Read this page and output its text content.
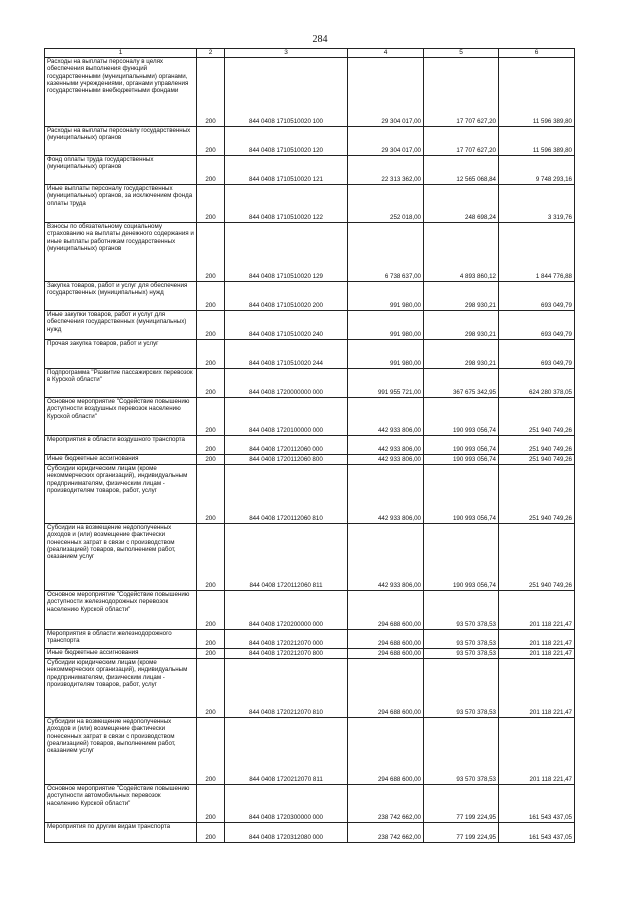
284
1	2	3	4	5	6
Расходы на выплаты персоналу в целях обеспечения выполнения функций государственными (муниципальными) органами, казенными учреждениями, органами управления государственными внебюджетными фондами	200	844 0408 1710510020 100	29 304 017,00	17 707 627,20	11 596 389,80
Расходы на выплаты персоналу государственных (муниципальных) органов	200	844 0408 1710510020 120	29 304 017,00	17 707 627,20	11 596 389,80
Фонд оплаты труда государственных (муниципальных) органов	200	844 0408 1710510020 121	22 313 362,00	12 565 068,84	9 748 293,16
Иные выплаты персоналу государственных (муниципальных) органов, за исключением фонда оплаты труда	200	844 0408 1710510020 122	252 018,00	248 698,24	3 319,76
Взносы по обязательному социальному страхованию на выплаты денежного содержания и иные выплаты работникам государственных (муниципальных) органов	200	844 0408 1710510020 129	6 738 637,00	4 893 860,12	1 844 776,88
Закупка товаров, работ и услуг для обеспечения государственных (муниципальных) нужд	200	844 0408 1710510020 200	991 980,00	298 930,21	693 049,79
Иные закупки товаров, работ и услуг для обеспечения государственных (муниципальных) нужд	200	844 0408 1710510020 240	991 980,00	298 930,21	693 049,79
Прочая закупка товаров, работ и услуг	200	844 0408 1710510020 244	991 980,00	298 930,21	693 049,79
Подпрограмма "Развитие пассажирских перевозок в Курской области"	200	844 0408 1720000000 000	991 955 721,00	367 675 342,95	624 280 378,05
Основное мероприятие "Содействие повышению доступности воздушных перевозок населению Курской области"	200	844 0408 1720100000 000	442 933 806,00	190 993 056,74	251 940 749,26
Мероприятия в области воздушного транспорта	200	844 0408 1720112060 000	442 933 806,00	190 993 056,74	251 940 749,26
Иные бюджетные ассигнования	200	844 0408 1720112060 800	442 933 806,00	190 993 056,74	251 940 749,26
Субсидии юридическим лицам (кроме некоммерческих организаций), индивидуальным предпринимателям, физическим лицам - производителям товаров, работ, услуг	200	844 0408 1720112060 810	442 933 806,00	190 993 056,74	251 940 749,26
Субсидии на возмещение недополученных доходов и (или) возмещение фактически понесенных затрат в связи с производством (реализацией) товаров, выполнением работ, оказанием услуг	200	844 0408 1720112060 811	442 933 806,00	190 993 056,74	251 940 749,26
Основное мероприятие "Содействие повышению доступности железнодорожных перевозок населению Курской области"	200	844 0408 1720200000 000	294 688 600,00	93 570 378,53	201 118 221,47
Мероприятия в области железнодорожного транспорта	200	844 0408 1720212070 000	294 688 600,00	93 570 378,53	201 118 221,47
Иные бюджетные ассигнования	200	844 0408 1720212070 800	294 688 600,00	93 570 378,53	201 118 221,47
Субсидии юридическим лицам (кроме некоммерческих организаций), индивидуальным предпринимателям, физическим лицам - производителям товаров, работ, услуг	200	844 0408 1720212070 810	294 688 600,00	93 570 378,53	201 118 221,47
Субсидии на возмещение недополученных доходов и (или) возмещение фактически понесенных затрат в связи с производством (реализацией) товаров, выполнением работ, оказанием услуг	200	844 0408 1720212070 811	294 688 600,00	93 570 378,53	201 118 221,47
Основное мероприятие "Содействие повышению доступности автомобильных перевозок населению Курской области"	200	844 0408 1720300000 000	238 742 662,00	77 199 224,95	161 543 437,05
Мероприятия по другим видам транспорта	200	844 0408 1720312080 000	238 742 662,00	77 199 224,95	161 543 437,05
